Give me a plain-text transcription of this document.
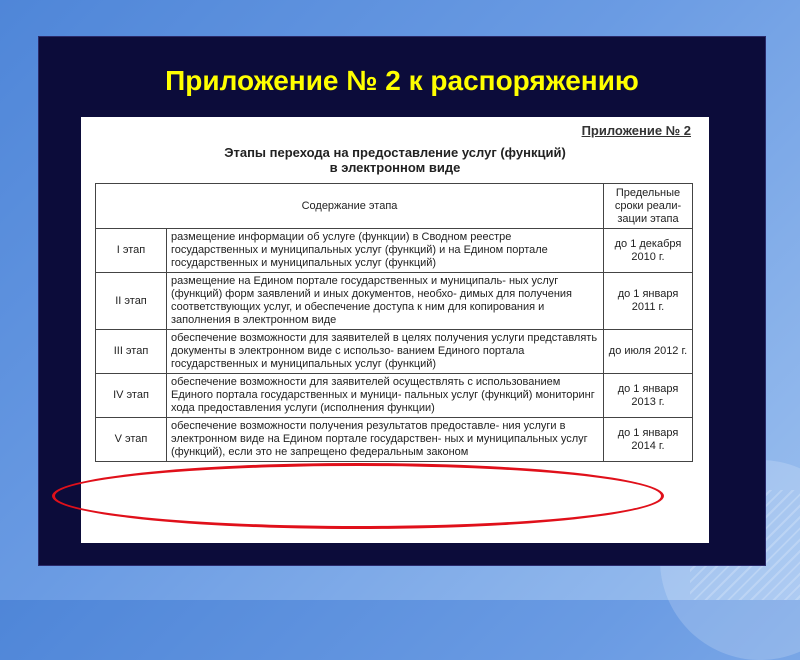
Приложение № 2 к распоряжению
Приложение № 2
Этапы перехода на предоставление услуг (функций)
в электронном виде
Содержание этапа		Предельные сроки реали- зации этапа
I этап	размещение информации об услуге (функции) в Сводном реестре государственных и муниципальных услуг (функций) и на Едином портале государственных и муниципальных услуг (функций)	до 1 декабря 2010 г.
II этап	размещение на Едином портале государственных и муниципаль- ных услуг (функций) форм заявлений и иных документов, необхо- димых для получения соответствующих услуг, и обеспечение доступа к ним для копирования и заполнения в электронном виде	до 1 января 2011 г.
III этап	обеспечение возможности для заявителей в целях получения услуги представлять документы в электронном виде с использо- ванием Единого портала государственных и муниципальных услуг (функций)	до июля 2012 г.
IV этап	обеспечение возможности для заявителей осуществлять с использованием Единого портала государственных и муници- пальных услуг (функций) мониторинг хода предоставления услуги (исполнения функции)	до 1 января 2013 г.
V этап	обеспечение возможности получения результатов предоставле- ния услуги в электронном виде на Едином портале государствен- ных и муниципальных услуг (функций), если это не запрещено федеральным законом	до 1 января 2014 г.
